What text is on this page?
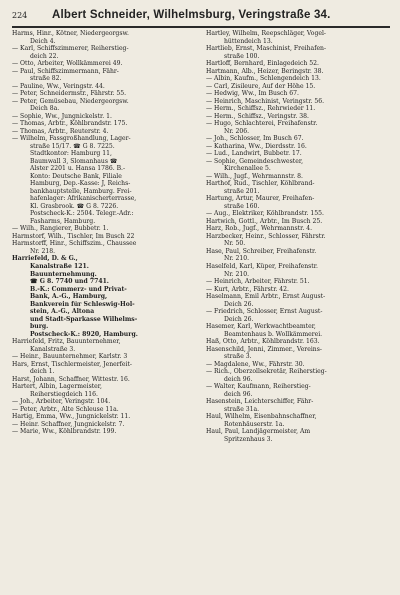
224	Albert Schneider, Wilhelmsburg, Veringstraße 34.
Harms, Hinr., Kötner, Niedergeorgsw.
Deich 4.
— Karl, Schiffszimmerer, Reiherstieg-
deich 22.
— Otto, Arbeiter, Wollkämmerei 49.
— Paul, Schiffszimmermann, Fähr-
straße 82.
— Pauline, Ww., Veringstr. 44.
— Peter, Schneidermstr., Fährstr. 55.
— Peter, Gemüsebau, Niedergeorgsw.
Deich 8a.
— Sophie, Ww., Jungnickelstr. 1.
— Thomas, Arbtr., Köhlbrandstr. 175.
— Thomas, Arbtr., Reuterstr. 4.
— Wilhelm, Fassgroßhandlung, Lager-
straße 15/17. ☎ G 8. 7225.
Stadtkontor: Hamburg 11,
Baumwall 3, Slomanhaus ☎
Alster 2201 u. Hansa 1786. B.-
Konto: Deutsche Bank, Filiale
Hamburg, Dep.-Kasse: J, Reichs-
bankhauptstelle, Hamburg. Frei-
hafenlager: Afrikanischerterrasse,
Kl. Grasbrook. ☎ G 8. 7226.
Postscheck-K.: 2504. Telegr.-Adr.:
Fasharms, Hamburg.
— Wilh., Rangierer, Bubbetr. 1.
Harmstorf, Wilh., Tischler, Im Busch 22
Harmstorff, Hinr., Schiffszim., Chaussee
Nr. 218.
Harriefeld, D. & G.,
Kanalstraße 121.
Bauunternehmung.
☎ G 8. 7740 und 7741.
B.-K.: Commerz- und Privat-
Bank, A.-G., Hamburg,
Bankverein für Schleswig-Hol-
stein, A.-G., Altona
und Stadt-Sparkasse Wilhelms-
burg.
Postscheck-K.: 8920, Hamburg.
Harriefeld, Fritz, Bauunternehmer,
Kanalstraße 3.
— Heinr., Bauunternehmer, Karlstr. 3
Hars, Ernst, Tischlermeister, Jenerfeit-
deich 1.
Harst, Johann, Schaffner, Wittestr. 16.
Hartert, Albin, Lagermeister,
Reiherstiegdeich 116.
— Joh., Arbeiter, Veringstr. 104.
— Peter, Arbtr., Alte Schleuse 11a.
Hartig, Emma, Ww., Jungnickelstr. 11.
— Heinr. Schaffner, Jungnickelstr. 7.
— Marie, Ww., Köhlbrandstr. 199.
Hartley, Wilhelm, Reepschläger, Vogel-
hüttendeich 13.
Hartlieb, Ernst, Maschinist, Freihafen-
straße 100.
Hartloff, Bernhard, Einlagedeich 52.
Hartmann, Alb., Heizer, Beringstr. 38.
— Albin, Kaufm., Schlengendeich 13.
— Carl, Zisileure, Auf der Höhe 15.
— Hedwig, Ww., Im Busch 67.
— Heinrich, Maschinist, Veringstr. 56.
— Herm., Schiffsz., Rehrwieder 11.
— Herm., Schiffsz., Veringstr. 38.
— Hugo, Schlachterei, Freihafenstr.
Nr. 206.
— Joh., Schlosser, Im Busch 67.
— Katharina, Ww., Dierdsstr. 16.
— Lud., Landwirt, Bubbetr. 17.
— Sophie, Gemeindeschwester,
Kirchenallee 5.
— Wilh., Jugf., Wehrmannstr. 8.
Harthof, Rud., Tischler, Köhlbrand-
straße 201.
Hartung, Artur, Maurer, Freihafen-
straße 160.
— Aug., Elektriker, Köhlbrandstr. 155.
Hartwich, Gottl., Arbtr., Im Busch 25.
Harz, Rob., Jugf., Wehrmannstr. 4.
Harzbecker, Heinr., Schlosser, Fährstr.
Nr. 50.
Hase, Paul, Schreiber, Freihafenstr.
Nr. 210.
Haselfeld, Karl, Küper, Freihafenstr.
Nr. 210.
— Heinrich, Arbeiter, Fährstr. 51.
— Kurt, Arbtr., Fährstr. 42.
Haselmann, Emil Arbtr., Ernst August-
Deich 26.
— Friedrich, Schlosser, Ernst August-
Deich 26.
Hasemer, Karl, Werkwachtbeamter,
Beamtenhaus b. Wollkämmerei.
Haß, Otto, Arbtr., Köhlbrandstr. 163.
Hasenschild, Jenni, Zimmer., Vereins-
straße 3.
— Magdalene, Ww., Fährstr. 30.
— Rich., Oberzollsekretär, Reiherstieg-
deich 96.
— Walter, Kaufmann, Reiherstieg-
deich 96.
Hasenstein, Leichterschiffer, Fähr-
straße 31a.
Haul, Wilhelm, Eisenbahnschaffner,
Rotenhäuserstr. 1a.
Haul, Paul, Landjägermeister, Am
Spritzenhaus 3.
